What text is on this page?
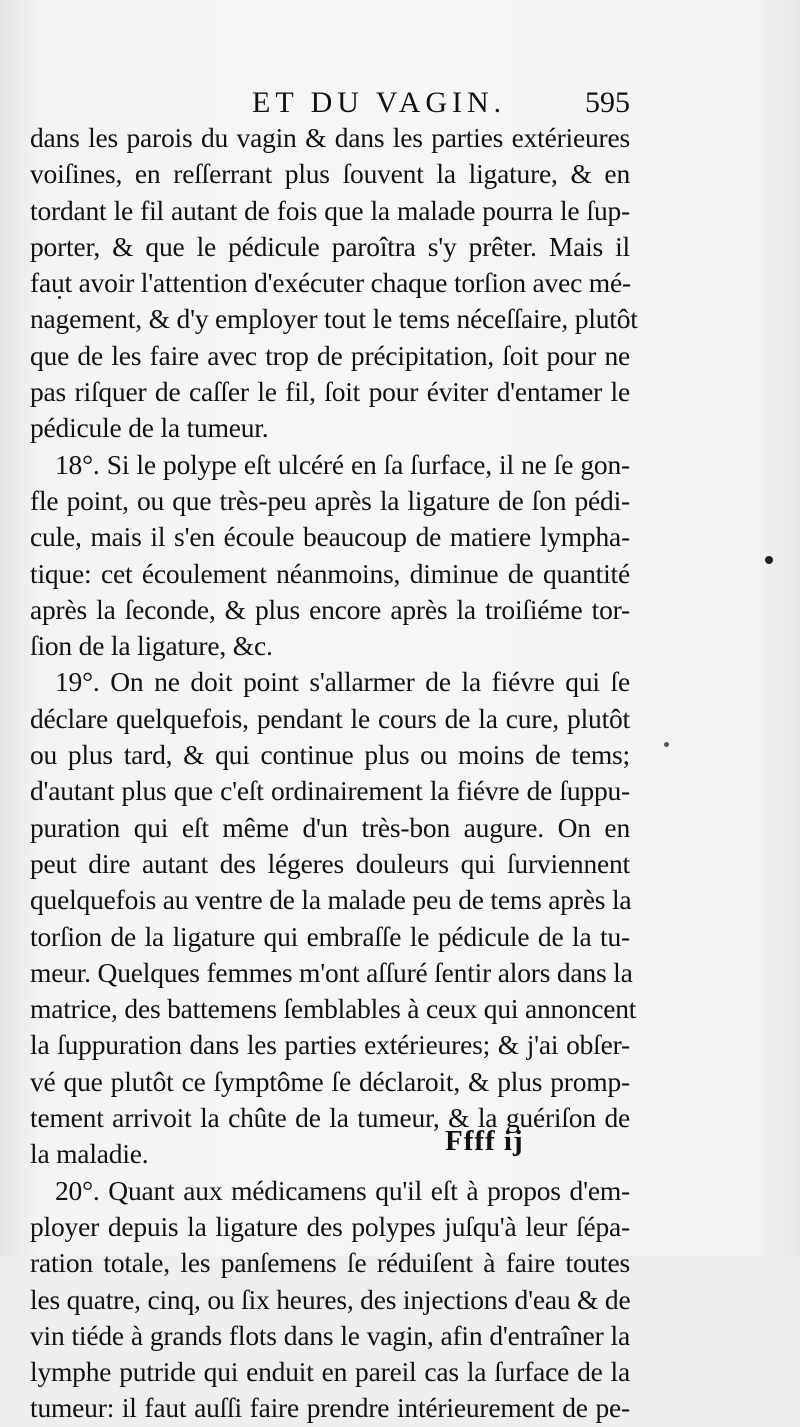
ET DU VAGIN.	595
dans les parois du vagin & dans les parties extérieures
voiſines, en reſſerrant plus ſouvent la ligature, & en
tordant le fil autant de fois que la malade pourra le ſup-
porter, & que le pédicule paroîtra s'y prêter. Mais il
faut avoir l'attention d'exécuter chaque torſion avec mé-
nagement, & d'y employer tout le tems néceſſaire, plutôt
que de les faire avec trop de précipitation, ſoit pour ne
pas riſquer de caſſer le fil, ſoit pour éviter d'entamer le
pédicule de la tumeur.
18°. Si le polype eſt ulcéré en ſa ſurface, il ne ſe gon-
fle point, ou que très-peu après la ligature de ſon pédi-
cule, mais il s'en écoule beaucoup de matiere lympha-
tique: cet écoulement néanmoins, diminue de quantité
après la ſeconde, & plus encore après la troiſiéme tor-
ſion de la ligature, &c.
19°. On ne doit point s'allarmer de la fiévre qui ſe
déclare quelquefois, pendant le cours de la cure, plutôt
ou plus tard, & qui continue plus ou moins de tems;
d'autant plus que c'eſt ordinairement la fiévre de ſuppu-
puration qui eſt même d'un très-bon augure. On en
peut dire autant des légeres douleurs qui ſurviennent
quelquefois au ventre de la malade peu de tems après la
torſion de la ligature qui embraſſe le pédicule de la tu-
meur. Quelques femmes m'ont aſſuré ſentir alors dans la
matrice, des battemens ſemblables à ceux qui annoncent
la ſuppuration dans les parties extérieures; & j'ai obſer-
vé que plutôt ce ſymptôme ſe déclaroit, & plus promp-
tement arrivoit la chûte de la tumeur, & la guériſon de
la maladie.
20°. Quant aux médicamens qu'il eſt à propos d'em-
ployer depuis la ligature des polypes juſqu'à leur ſépa-
ration totale, les panſemens ſe réduiſent à faire toutes
les quatre, cinq, ou ſix heures, des injections d'eau & de
vin tiéde à grands flots dans le vagin, afin d'entraîner la
lymphe putride qui enduit en pareil cas la ſurface de la
tumeur: il faut auſſi faire prendre intérieurement de pe-
Ffff ij
